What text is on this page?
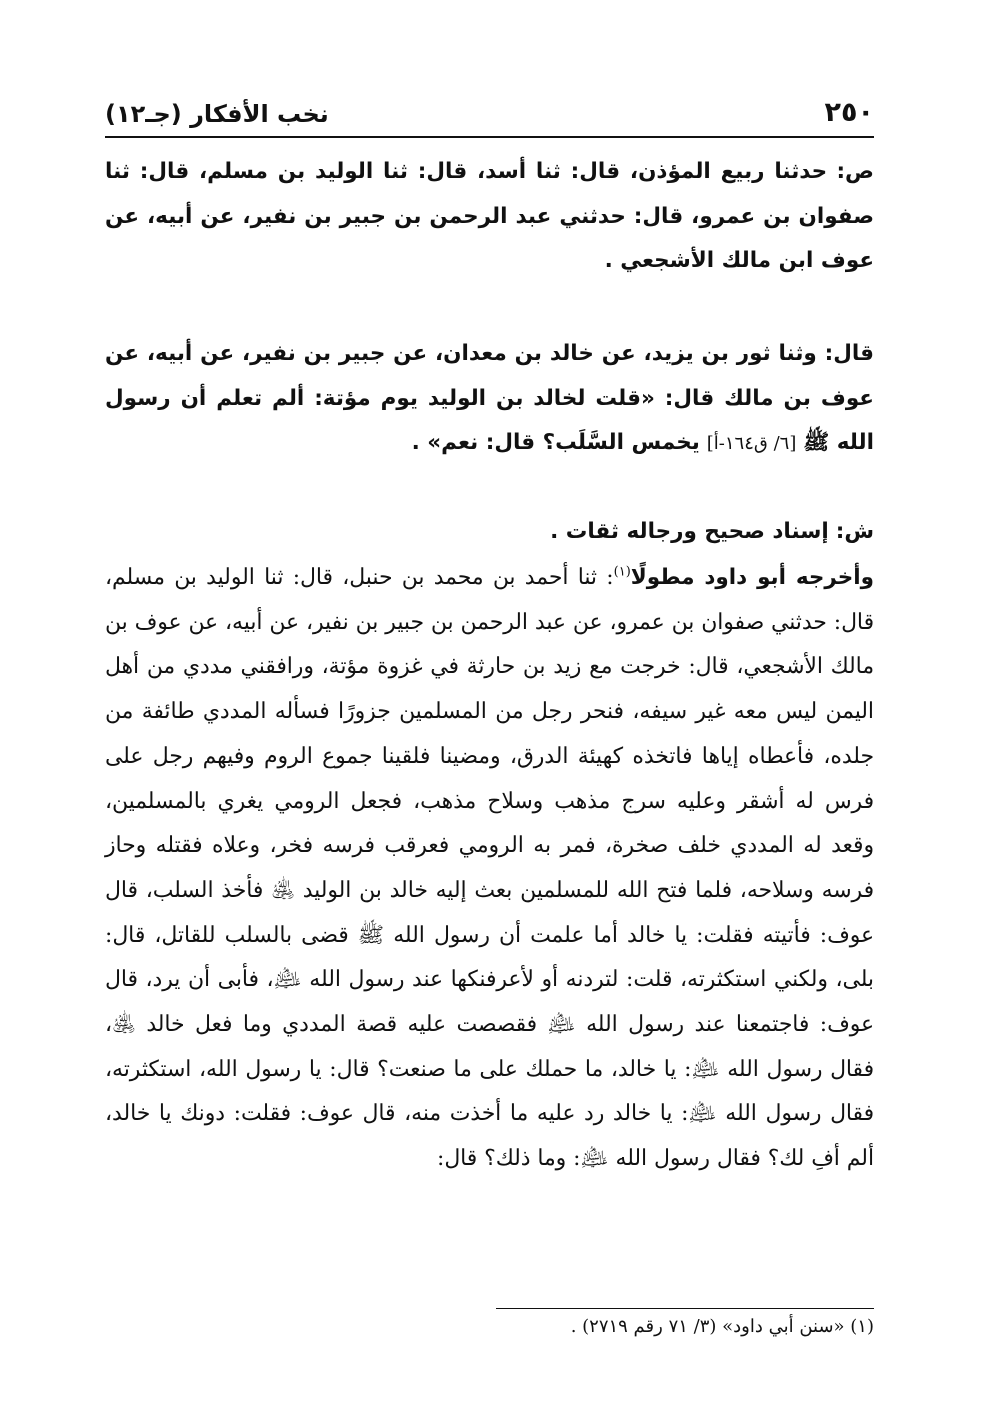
٢٥٠
نخب الأفكار (جـ١٢)

ص: حدثنا ربيع المؤذن، قال: ثنا أسد، قال: ثنا الوليد بن مسلم، قال: ثنا صفوان بن عمرو، قال: حدثني عبد الرحمن بن جبير بن نفير، عن أبيه، عن عوف ابن مالك الأشجعي .

قال: وثنا ثور بن يزيد، عن خالد بن معدان، عن جبير بن نفير، عن أبيه، عن عوف بن مالك قال: «قلت لخالد بن الوليد يوم مؤتة: ألم تعلم أن رسول الله ﷺ [٦/ ق١٦٤-أ] يخمس السَّلَب؟ قال: نعم» .

ش: إسناد صحيح ورجاله ثقات .

وأخرجه أبو داود مطولًا$^{(١)}$: ثنا أحمد بن محمد بن حنبل، قال: ثنا الوليد بن مسلم، قال: حدثني صفوان بن عمرو، عن عبد الرحمن بن جبير بن نفير، عن أبيه، عن عوف بن مالك الأشجعي، قال: خرجت مع زيد بن حارثة في غزوة مؤتة، ورافقني مددي من أهل اليمن ليس معه غير سيفه، فنحر رجل من المسلمين جزورًا فسأله المددي طائفة من جلده، فأعطاه إياها فاتخذه كهيئة الدرق، ومضينا فلقينا جموع الروم وفيهم رجل على فرس له أشقر وعليه سرج مذهب وسلاح مذهب، فجعل الرومي يغري بالمسلمين، وقعد له المددي خلف صخرة، فمر به الرومي فعرقب فرسه فخر، وعلاه فقتله وحاز فرسه وسلاحه، فلما فتح الله للمسلمين بعث إليه خالد بن الوليد ﵁ فأخذ السلب، قال عوف: فأتيته فقلت: يا خالد أما علمت أن رسول الله ﷺ قضى بالسلب للقاتل، قال: بلى، ولكني استكثرته، قلت: لتردنه أو لأعرفنكها عند رسول الله ﵇، فأبى أن يرد، قال عوف: فاجتمعنا عند رسول الله ﵇ فقصصت عليه قصة المددي وما فعل خالد ﵁، فقال رسول الله ﵇: يا خالد، ما حملك على ما صنعت؟ قال: يا رسول الله، استكثرته، فقال رسول الله ﵇: يا خالد رد عليه ما أخذت منه، قال عوف: فقلت: دونك يا خالد، ألم أفِ لك؟ فقال رسول الله ﵇: وما ذلك؟ قال:

(١) «سنن أبي داود» (٣/ ٧١ رقم ٢٧١٩) .
